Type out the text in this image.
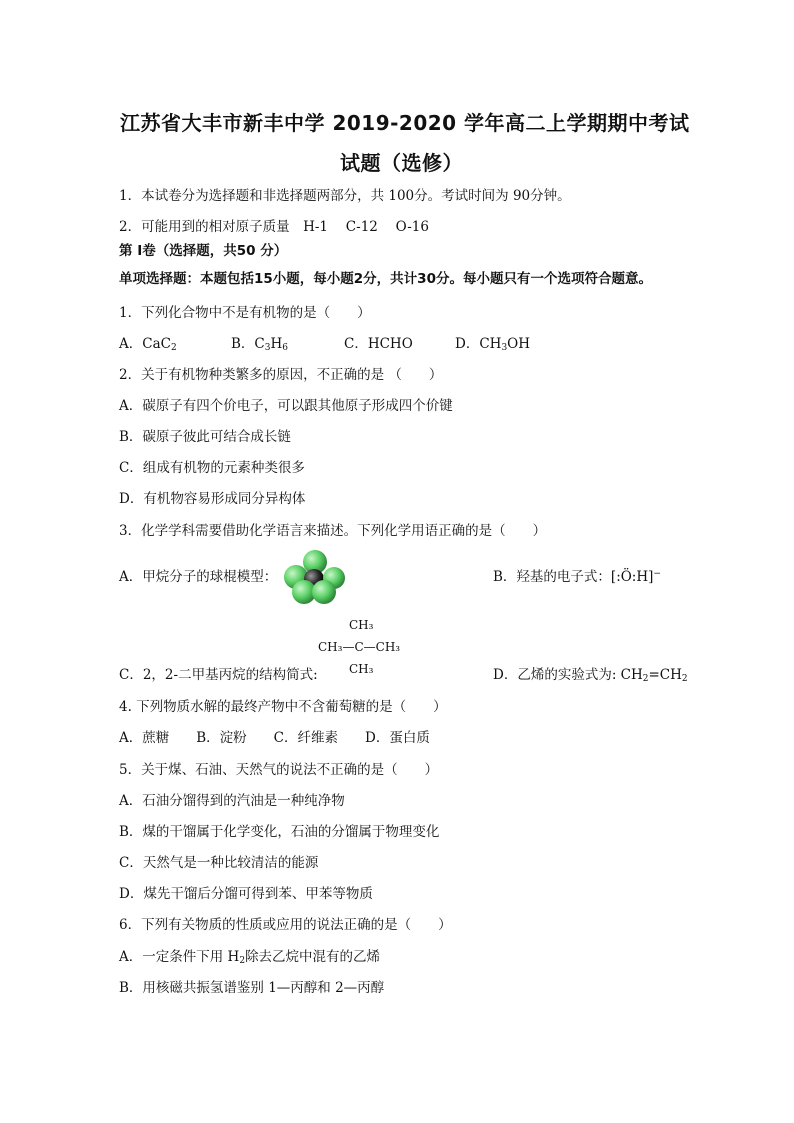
江苏省大丰市新丰中学 2019-2020 学年高二上学期期中考试
试题（选修）
1．本试卷分为选择题和非选择题两部分，共 100分。考试时间为 90分钟。
2．可能用到的相对原子质量　H-1　 C-12　 O-16
第 I卷（选择题，共50 分）
单项选择题：本题包括15小题，每小题2分，共计30分。每小题只有一个选项符合题意。
1．下列化合物中不是有机物的是（　　）
A．CaC$_2$	B．$C_3H_6$	C．HCHO	D．$CH_3OH$
2．关于有机物种类繁多的原因，不正确的是 （　　）
A．碳原子有四个价电子，可以跟其他原子形成四个价键
B．碳原子彼此可结合成长链
C．组成有机物的元素种类很多
D．有机物容易形成同分异构体
3．化学学科需要借助化学语言来描述。下列化学用语正确的是（　　）
A．甲烷分子的球棍模型：	B．羟基的电子式：[:Ö:H]−
CH₃
CH₃—C—CH₃
CH₃
C．2，2-二甲基丙烷的结构简式:	D．乙烯的实验式为: $CH_2=CH_2$
4. 下列物质水解的最终产物中不含葡萄糖的是（　　）
A．蔗糖　　B．淀粉　　C．纤维素　　D．蛋白质
5．关于煤、石油、天然气的说法不正确的是（　　）
A．石油分馏得到的汽油是一种纯净物
B．煤的干馏属于化学变化，石油的分馏属于物理变化
C．天然气是一种比较清洁的能源
D．煤先干馏后分馏可得到苯、甲苯等物质
6．下列有关物质的性质或应用的说法正确的是（　　）
A．一定条件下用 $H_2$除去乙烷中混有的乙烯
B．用核磁共振氢谱鉴别 1—丙醇和 2—丙醇
